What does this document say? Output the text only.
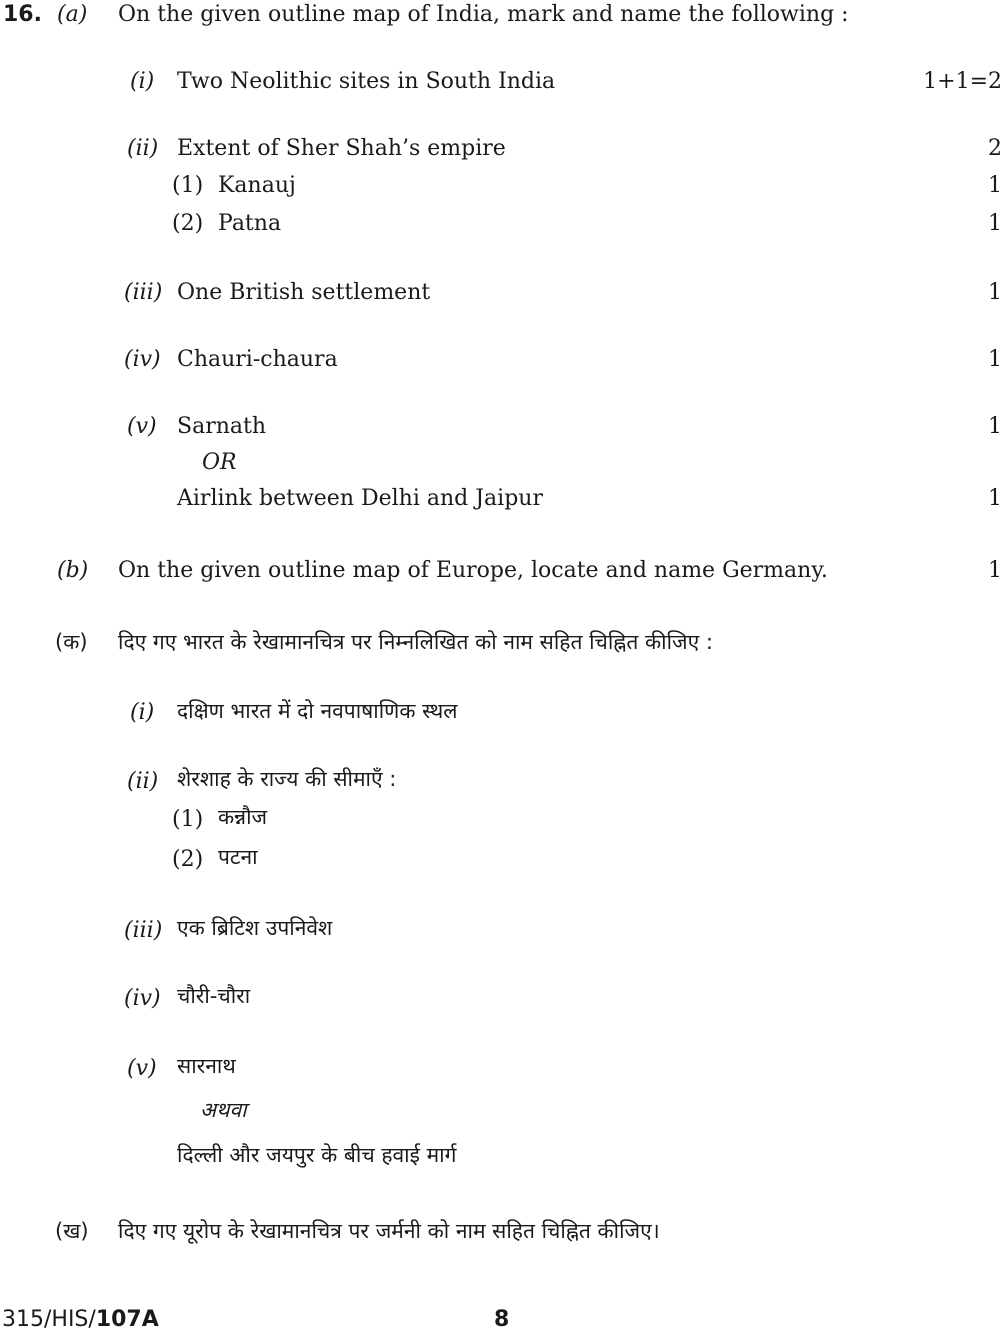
16. (a) On the given outline map of India, mark and name the following :
(i) Two Neolithic sites in South India	1+1=2
(ii) Extent of Sher Shah’s empire	2
(1) Kanauj	1
(2) Patna	1
(iii) One British settlement	1
(iv) Chauri-chaura	1
(v) Sarnath	1
OR
Airlink between Delhi and Jaipur	1
(b) On the given outline map of Europe, locate and name Germany.	1
(क) दिए गए भारत के रेखामानचित्र पर निम्नलिखित को नाम सहित चिह्नित कीजिए :
(i) दक्षिण भारत में दो नवपाषाणिक स्थल
(ii) शेरशाह के राज्य की सीमाएँ :
(1) कन्नौज
(2) पटना
(iii) एक ब्रिटिश उपनिवेश
(iv) चौरी-चौरा
(v) सारनाथ
अथवा
दिल्ली और जयपुर के बीच हवाई मार्ग
(ख) दिए गए यूरोप के रेखामानचित्र पर जर्मनी को नाम सहित चिह्नित कीजिए।
315/HIS/107A	8
